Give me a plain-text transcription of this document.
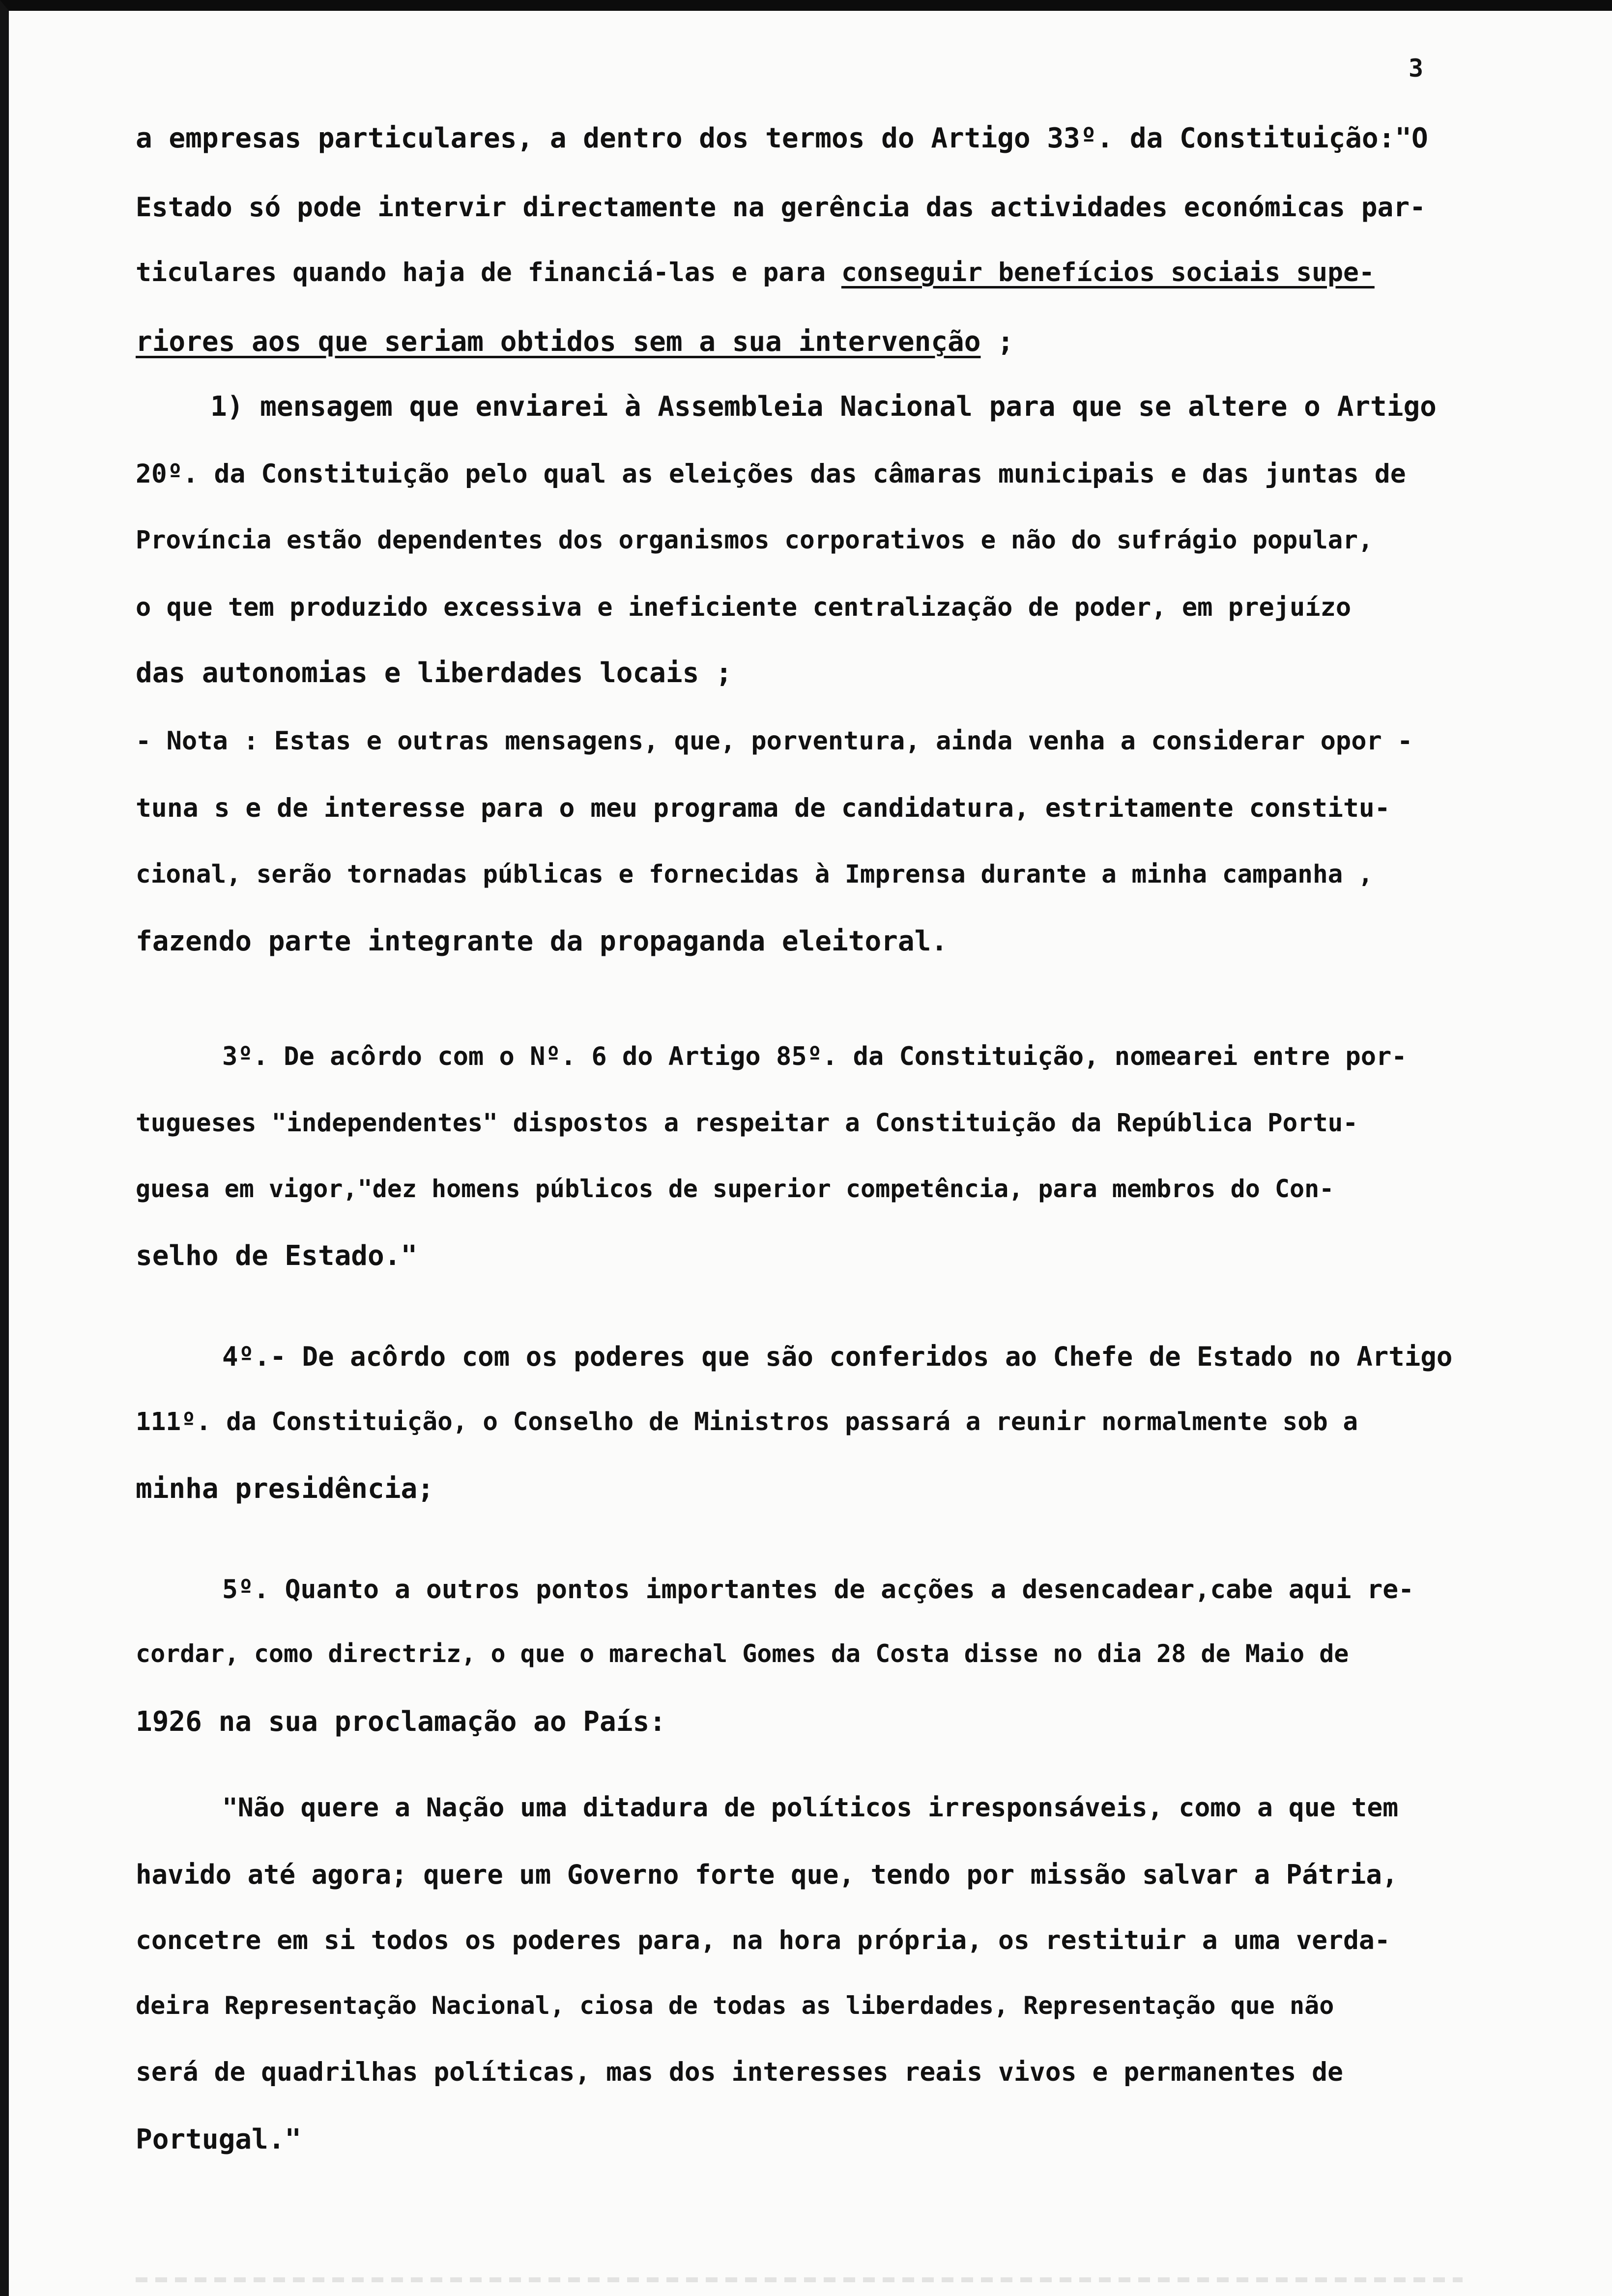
3

a empresas particulares, a dentro dos termos do Artigo 33º. da Constituição:"O

Estado só pode intervir directamente na gerência das actividades económicas par-

ticulares quando haja de financiá-las e para conseguir benefícios sociais supe-

riores aos que seriam obtidos sem a sua intervenção ;

1) mensagem que enviarei à Assembleia Nacional para que se altere o Artigo

20º. da Constituição pelo qual as eleições das câmaras municipais e das juntas de

Província estão dependentes dos organismos corporativos e não do sufrágio popular,

o que tem produzido excessiva e ineficiente centralização de poder, em prejuízo

das autonomias e liberdades locais ;

- Nota : Estas e outras mensagens, que, porventura, ainda venha a considerar opor -

tuna s e de interesse para o meu programa de candidatura, estritamente constitu-

cional, serão tornadas públicas e fornecidas à Imprensa durante a minha campanha ,

fazendo parte integrante da propaganda eleitoral.

3º. De acôrdo com o Nº. 6 do Artigo 85º. da Constituição, nomearei entre por-

tugueses "independentes" dispostos a respeitar a Constituição da República Portu-

guesa em vigor,"dez homens públicos de superior competência, para membros do Con-

selho de Estado."

4º.- De acôrdo com os poderes que são conferidos ao Chefe de Estado no Artigo

111º. da Constituição, o Conselho de Ministros passará a reunir normalmente sob a

minha presidência;

5º. Quanto a outros pontos importantes de acções a desencadear,cabe aqui re-

cordar, como directriz, o que o marechal Gomes da Costa disse no dia 28 de Maio de

1926 na sua proclamação ao País:

"Não quere a Nação uma ditadura de políticos irresponsáveis, como a que tem

havido até agora; quere um Governo forte que, tendo por missão salvar a Pátria,

concetre em si todos os poderes para, na hora própria, os restituir a uma verda-

deira Representação Nacional, ciosa de todas as liberdades, Representação que não

será de quadrilhas políticas, mas dos interesses reais vivos e permanentes de

Portugal."
